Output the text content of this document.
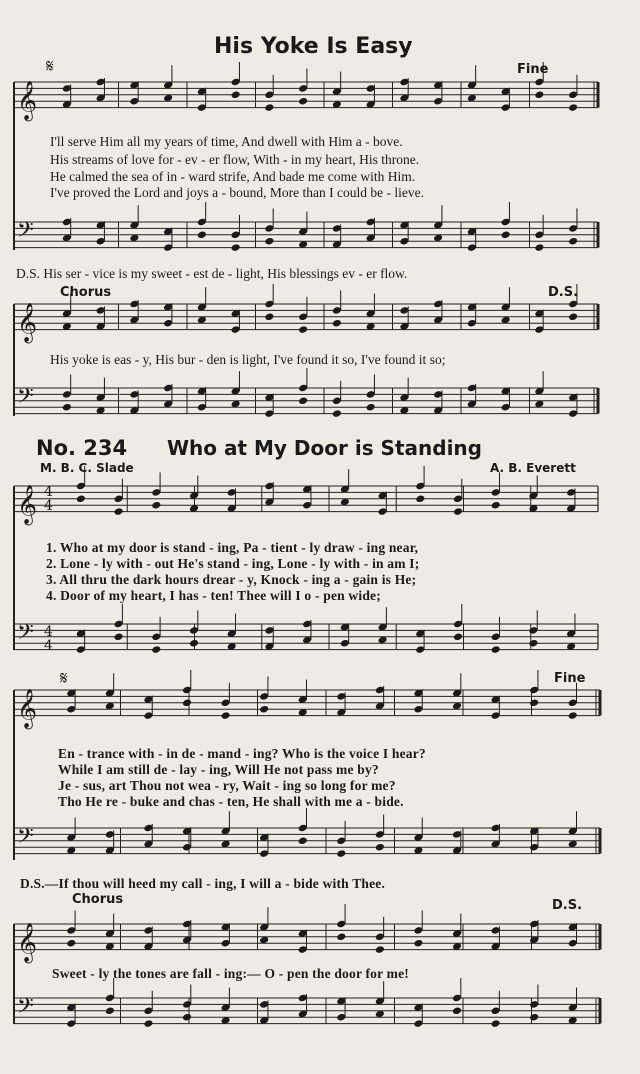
𝄞
𝄢
𝄞
𝄢
𝄞 4
4
𝄢 4
4
𝄞
𝄢
𝄞
𝄢
His Yoke Is Easy
𝄋	Fine
I'll serve Him all my years of time, And dwell with Him a - bove.
His streams of love for - ev - er flow, With - in my heart, His throne.
He calmed the sea of in - ward strife, And bade me come with Him.
I've proved the Lord and joys a - bound, More than I could be - lieve.
D.S. His ser - vice is my sweet - est de - light, His blessings ev - er flow.
Chorus	D.S.
His yoke is eas - y, His bur - den is light, I've found it so, I've found it so;
No. 234 Who at My Door is Standing
M. B. C. Slade	A. B. Everett
1. Who at my door is stand - ing, Pa - tient - ly draw - ing near,
2. Lone - ly with - out He's stand - ing, Lone - ly with - in am I;
3. All thru the dark hours drear - y, Knock - ing a - gain is He;
4. Door of my heart, I has - ten! Thee will I o - pen wide;
𝄋	Fine
En - trance with - in de - mand - ing? Who is the voice I hear?
While I am still de - lay - ing, Will He not pass me by?
Je - sus, art Thou not wea - ry, Wait - ing so long for me?
Tho He re - buke and chas - ten, He shall with me a - bide.
D.S.—If thou will heed my call - ing, I will a - bide with Thee.
Chorus	D.S.
Sweet - ly the tones are fall - ing:— O - pen the door for me!
